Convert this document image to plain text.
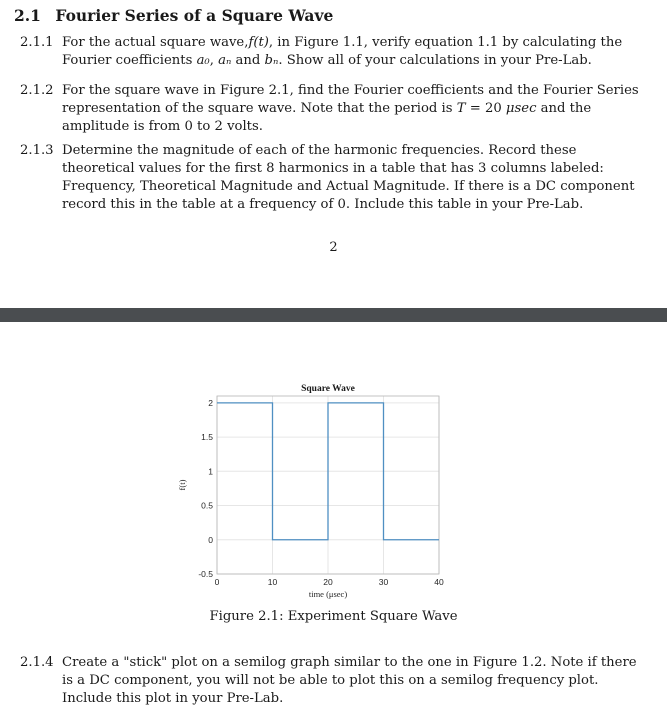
2.1 Fourier Series of a Square Wave
2.1.1 For the actual square wave,f(t), in Figure 1.1, verify equation 1.1 by calculating the Fourier coefficients a₀, aₙ and bₙ. Show all of your calculations in your Pre-Lab.
2.1.2 For the square wave in Figure 2.1, find the Fourier coefficients and the Fourier Series representation of the square wave. Note that the period is T = 20 μsec and the amplitude is from 0 to 2 volts.
2.1.3 Determine the magnitude of each of the harmonic frequencies. Record these theoretical values for the first 8 harmonics in a table that has 3 columns labeled: Frequency, Theoretical Magnitude and Actual Magnitude. If there is a DC component record this in the table at a frequency of 0. Include this table in your Pre-Lab.
2
0	10	20	30	40
-0.5
0
0.5
1
1.5
2
Square Wave
time (μsec)
f(t)
Figure 2.1: Experiment Square Wave
2.1.4 Create a "stick" plot on a semilog graph similar to the one in Figure 1.2. Note if there is a DC component, you will not be able to plot this on a semilog frequency plot. Include this plot in your Pre-Lab.
